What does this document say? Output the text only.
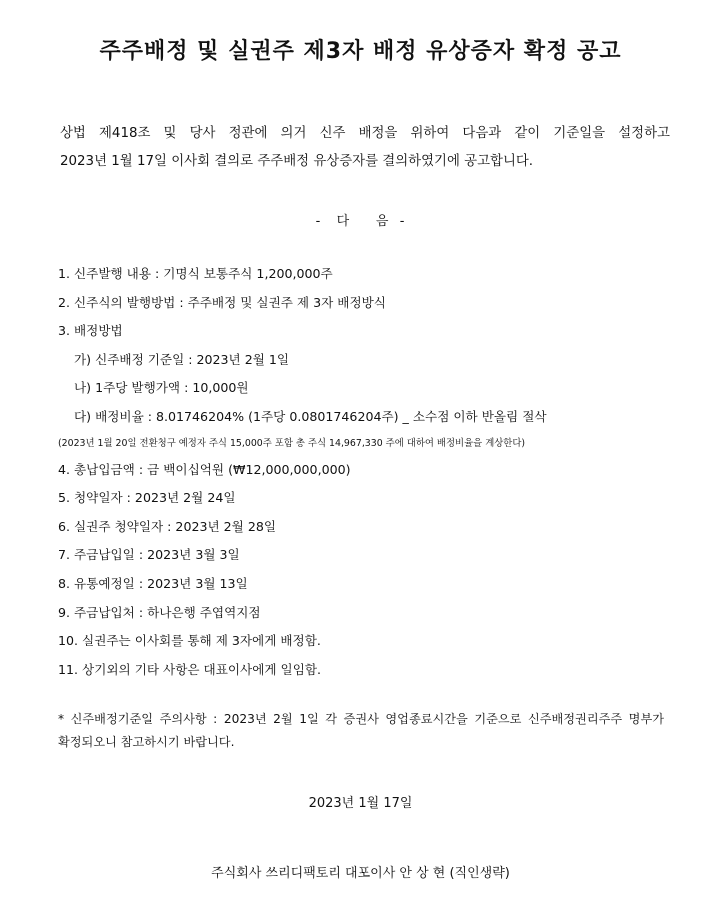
주주배정 및 실권주 제3자 배정 유상증자 확정 공고
상법 제418조 및 당사 정관에 의거 신주 배정을 위하여 다음과 같이 기준일을 설정하고
2023년 1월 17일 이사회 결의로 주주배정 유상증자를 결의하였기에 공고합니다.
-   다     음  -
1. 신주발행 내용 : 기명식 보통주식 1,200,000주
2. 신주식의 발행방법 : 주주배정 및 실권주 제 3자 배정방식
3. 배정방법
가) 신주배정 기준일 : 2023년 2월 1일
나) 1주당 발행가액 : 10,000원
다) 배정비율 : 8.01746204% (1주당 0.0801746204주) _ 소수점 이하 반올림 절삭
(2023년 1월 20일 전환청구 예정자 주식 15,000주 포함 총 주식 14,967,330 주에 대하여 배정비율을 계상한다)
4. 총납입금액 : 금 백이십억원 (₩12,000,000,000)
5. 청약일자 : 2023년 2월 24일
6. 실권주 청약일자 : 2023년 2월 28일
7. 주금납입일 : 2023년 3월 3일
8. 유통예정일 : 2023년 3월 13일
9. 주금납입처 : 하나은행 주엽역지점
10. 실권주는 이사회를 통해 제 3자에게 배정함.
11. 상기외의 기타 사항은 대표이사에게 일임함.
* 신주배정기준일 주의사항 : 2023년 2월 1일 각 증권사 영업종료시간을 기준으로 신주배정권리주주 명부가
확정되오니 참고하시기 바랍니다.
2023년 1월 17일
주식회사 쓰리디팩토리 대포이사 안 상 현 (직인생략)
